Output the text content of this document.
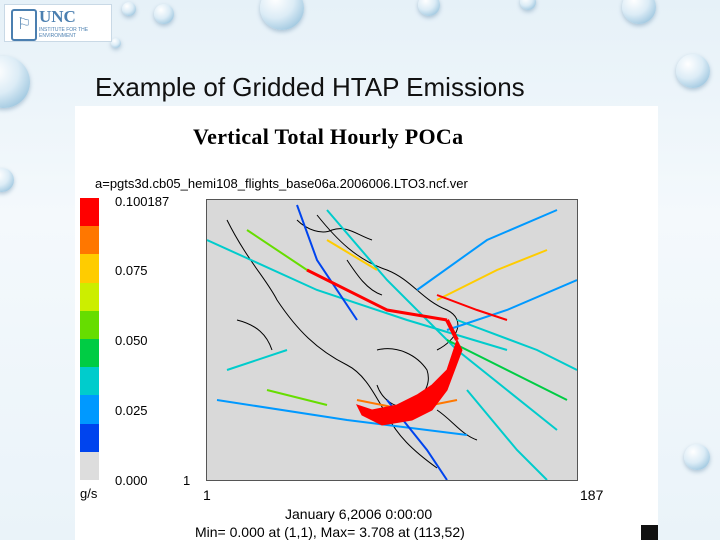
⚐ UNC
INSTITUTE FOR THE ENVIRONMENT
Example of Gridded HTAP Emissions
Vertical Total Hourly POCa
a=pgts3d.cb05_hemi108_flights_base06a.2006006.LTO3.ncf.ver
0.100187
0.075
0.050
0.025
0.000
g/s
1
1	187
January 6,2006 0:00:00
Min= 0.000 at (1,1), Max= 3.708 at (113,52)
